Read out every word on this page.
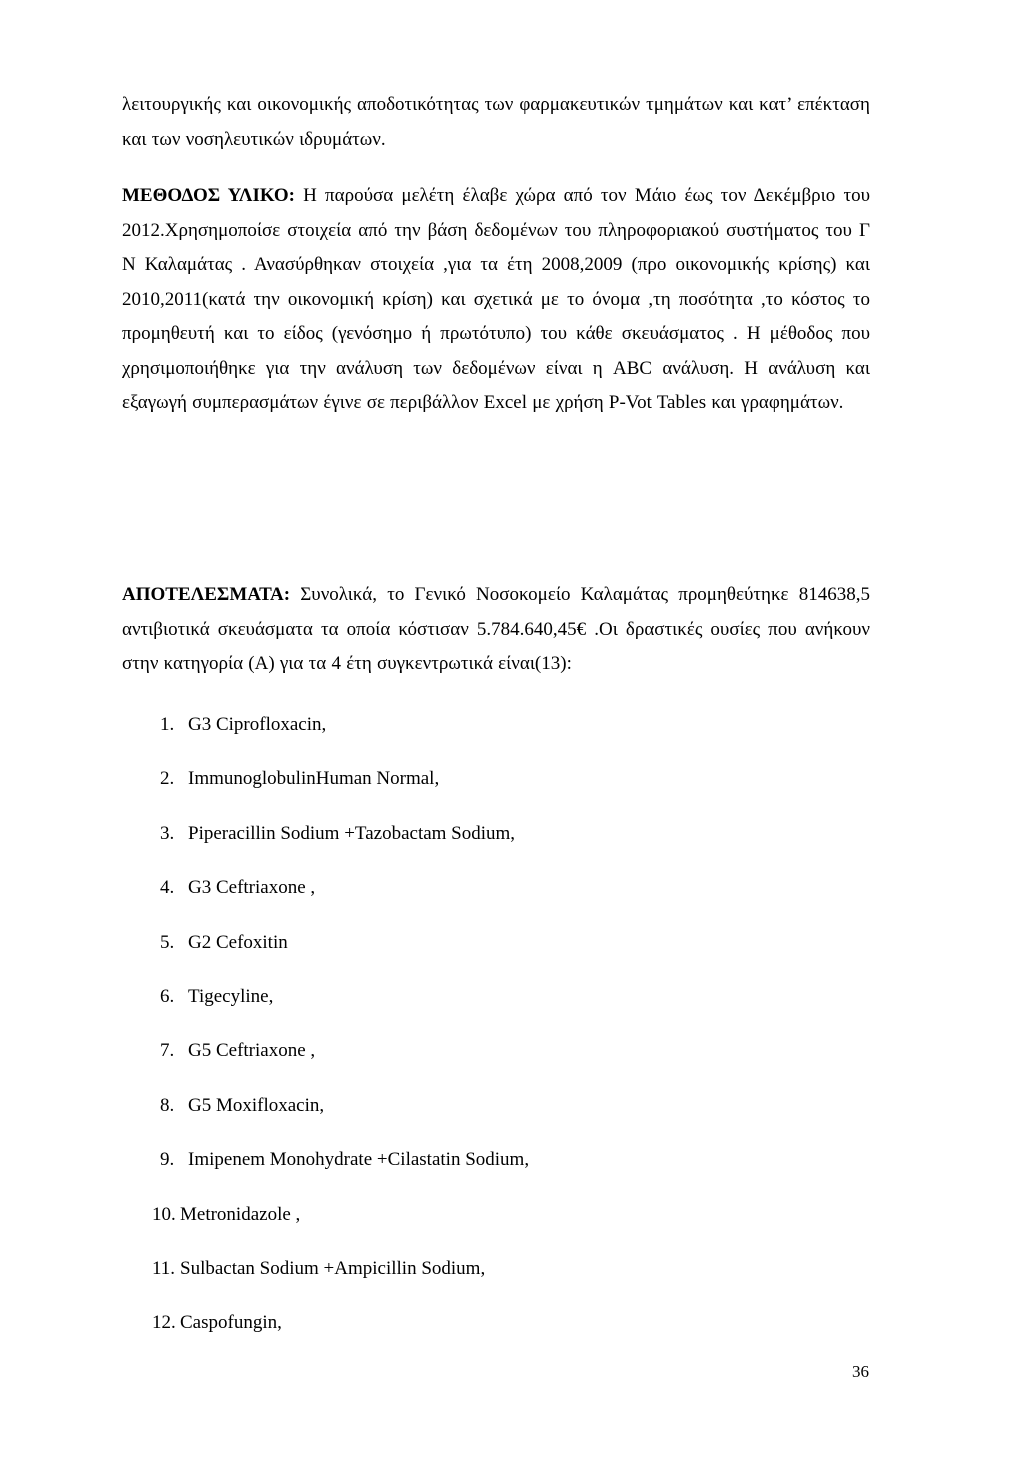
λειτουργικής και οικονομικής αποδοτικότητας των φαρμακευτικών τμημάτων και κατ’ επέκταση και των νοσηλευτικών ιδρυμάτων.

ΜΕΘΟΔΟΣ ΥΛΙΚΟ: Η παρούσα μελέτη έλαβε χώρα από τον Μάιο έως τον Δεκέμβριο του 2012.Χρησημοποίσε στοιχεία από την βάση δεδομένων του πληροφοριακού συστήματος του Γ Ν Καλαμάτας . Ανασύρθηκαν στοιχεία ,για τα έτη 2008,2009 (προ οικονομικής κρίσης) και 2010,2011(κατά την οικονομική κρίση) και σχετικά με το όνομα ,τη ποσότητα ,το κόστος το προμηθευτή και το είδος (γενόσημο ή πρωτότυπο) του κάθε σκευάσματος . Η μέθοδος που χρησιμοποιήθηκε για την ανάλυση των δεδομένων είναι η ABC ανάλυση. Η ανάλυση και εξαγωγή συμπερασμάτων έγινε σε περιβάλλον Excel με χρήση P-Vot Tables και γραφημάτων.

ΑΠΟΤΕΛΕΣΜΑΤΑ: Συνολικά, το Γενικό Νοσοκομείο Καλαμάτας προμηθεύτηκε 814638,5 αντιβιοτικά σκευάσματα τα οποία κόστισαν 5.784.640,45€ .Οι δραστικές ουσίες που ανήκουν στην κατηγορία (Α) για τα 4 έτη συγκεντρωτικά είναι(13):

1. G3 Ciprofloxacin,
2. ImmunoglobulinHuman Normal,
3. Piperacillin Sodium +Tazobactam Sodium,
4. G3 Ceftriaxone ,
5. G2 Cefoxitin
6. Tigecyline,
7. G5 Ceftriaxone ,
8. G5 Moxifloxacin,
9. Imipenem Monohydrate +Cilastatin Sodium,
10. Metronidazole ,
11. Sulbactan Sodium +Ampicillin Sodium,
12. Caspofungin,
36
